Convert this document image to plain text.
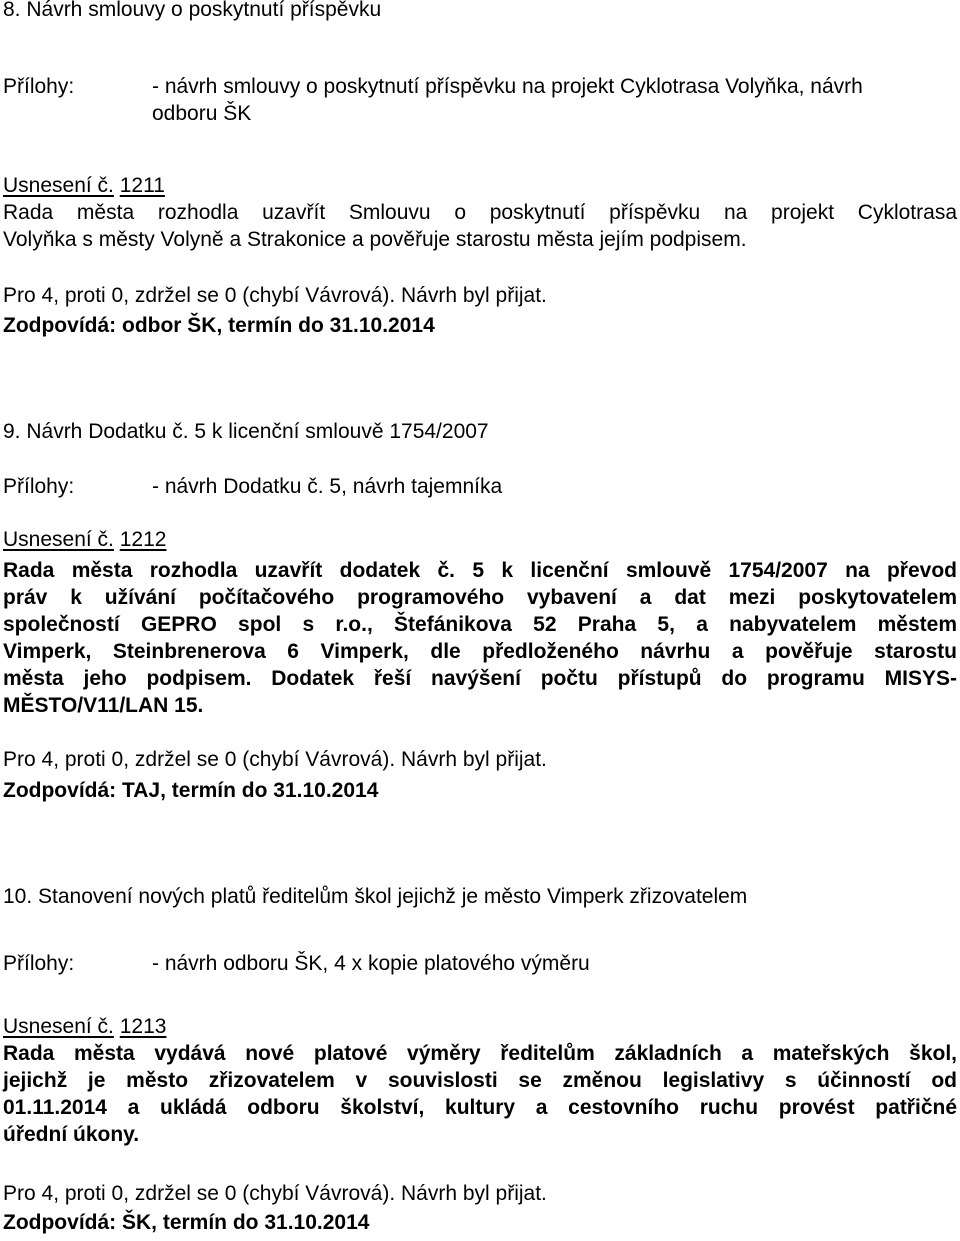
8. Návrh smlouvy o poskytnutí příspěvku
Přílohy:	- návrh smlouvy o poskytnutí příspěvku na projekt Cyklotrasa Volyňka, návrh
odboru ŠK
Usnesení č. 1211
Rada města rozhodla uzavřít Smlouvu o poskytnutí příspěvku na projekt Cyklotrasa
Volyňka s městy Volyně a Strakonice a pověřuje starostu města jejím podpisem.
Pro 4, proti 0, zdržel se 0 (chybí Vávrová). Návrh byl přijat.
Zodpovídá: odbor ŠK, termín do 31.10.2014
9. Návrh Dodatku č. 5 k licenční smlouvě 1754/2007
Přílohy:	- návrh Dodatku č. 5, návrh tajemníka
Usnesení č. 1212
Rada města rozhodla uzavřít dodatek č. 5 k licenční smlouvě 1754/2007 na převod
práv k užívání počítačového programového vybavení a dat mezi poskytovatelem
společností GEPRO spol s r.o., Štefánikova 52 Praha 5, a nabyvatelem městem
Vimperk, Steinbrenerova 6 Vimperk, dle předloženého návrhu a pověřuje starostu
města jeho podpisem. Dodatek řeší navýšení počtu přístupů do programu MISYS-
MĚSTO/V11/LAN 15.
Pro 4, proti 0, zdržel se 0 (chybí Vávrová). Návrh byl přijat.
Zodpovídá: TAJ, termín do 31.10.2014
10. Stanovení nových platů ředitelům škol jejichž je město Vimperk zřizovatelem
Přílohy:	- návrh odboru ŠK, 4 x kopie platového výměru
Usnesení č. 1213
Rada města vydává nové platové výměry ředitelům základních a mateřských škol,
jejichž je město zřizovatelem v souvislosti se změnou legislativy s účinností od
01.11.2014 a ukládá odboru školství, kultury a cestovního ruchu provést patřičné
úřední úkony.
Pro 4, proti 0, zdržel se 0 (chybí Vávrová). Návrh byl přijat.
Zodpovídá: ŠK, termín do 31.10.2014
